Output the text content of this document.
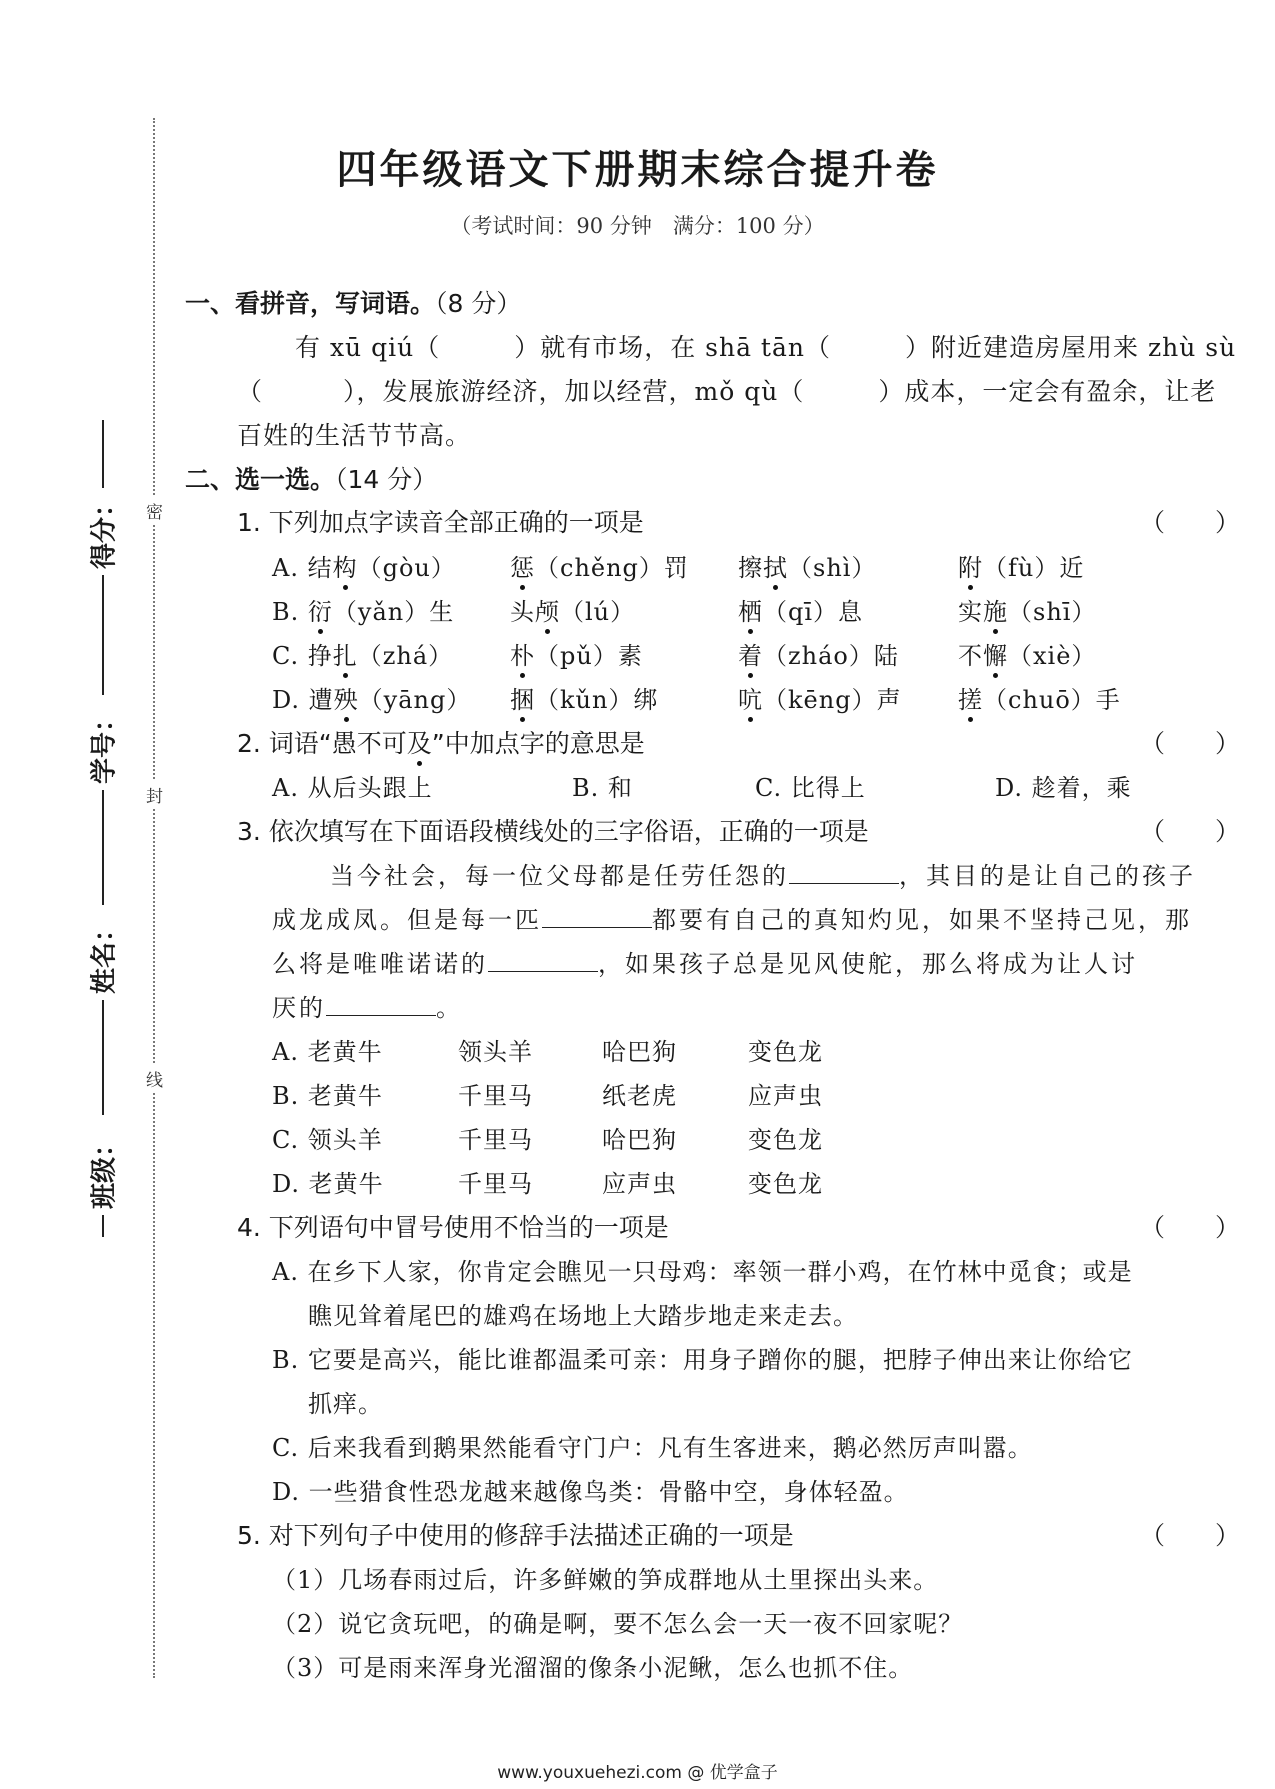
密
封
线
得分：
学号：
姓名：
班级：
四年级语文下册期末综合提升卷
（考试时间：90 分钟　满分：100 分）
一、看拼音，写词语。（8 分）
有 xū qiú（	）就有市场，在 shā tān（	）附近建造房屋用来 zhù sù
（	），发展旅游经济，加以经营，mǒ qù（	）成本，一定会有盈余，让老
百姓的生活节节高。
二、选一选。（14 分）
1. 下列加点字读音全部正确的一项是	（　　）
A. 结构（gòu） 惩（chěng）罚 擦拭（shì）	附（fù）近
B. 衍（yǎn）生 头颅（lú）	栖（qī）息	实施（shī）
C. 挣扎（zhá） 朴（pǔ）素	着（zháo）陆 不懈（xiè）
D. 遭殃（yāng） 捆（kǔn）绑	吭（kēng）声 搓（chuō）手
2. 词语“愚不可及”中加点字的意思是	（　　）
A. 从后头跟上	B. 和	C. 比得上	D. 趁着，乘
3. 依次填写在下面语段横线处的三字俗语，正确的一项是	（　　）
当今社会，每一位父母都是任劳任怨的	，其目的是让自己的孩子
成龙成凤。但是每一匹	都要有自己的真知灼见，如果不坚持己见，那
么将是唯唯诺诺的	，如果孩子总是见风使舵，那么将成为让人讨
厌的	。
A. 老黄牛	领头羊	哈巴狗	变色龙
B. 老黄牛	千里马	纸老虎	应声虫
C. 领头羊	千里马	哈巴狗	变色龙
D. 老黄牛	千里马	应声虫	变色龙
4. 下列语句中冒号使用不恰当的一项是	（　　）
A. 在乡下人家，你肯定会瞧见一只母鸡：率领一群小鸡，在竹林中觅食；或是
瞧见耸着尾巴的雄鸡在场地上大踏步地走来走去。
B. 它要是高兴，能比谁都温柔可亲：用身子蹭你的腿，把脖子伸出来让你给它
抓痒。
C. 后来我看到鹅果然能看守门户：凡有生客进来，鹅必然厉声叫嚣。
D. 一些猎食性恐龙越来越像鸟类：骨骼中空，身体轻盈。
5. 对下列句子中使用的修辞手法描述正确的一项是	（　　）
（1）几场春雨过后，许多鲜嫩的笋成群地从土里探出头来。
（2）说它贪玩吧，的确是啊，要不怎么会一天一夜不回家呢？
（3）可是雨来浑身光溜溜的像条小泥鳅，怎么也抓不住。
www.youxuehezi.com @ 优学盒子
